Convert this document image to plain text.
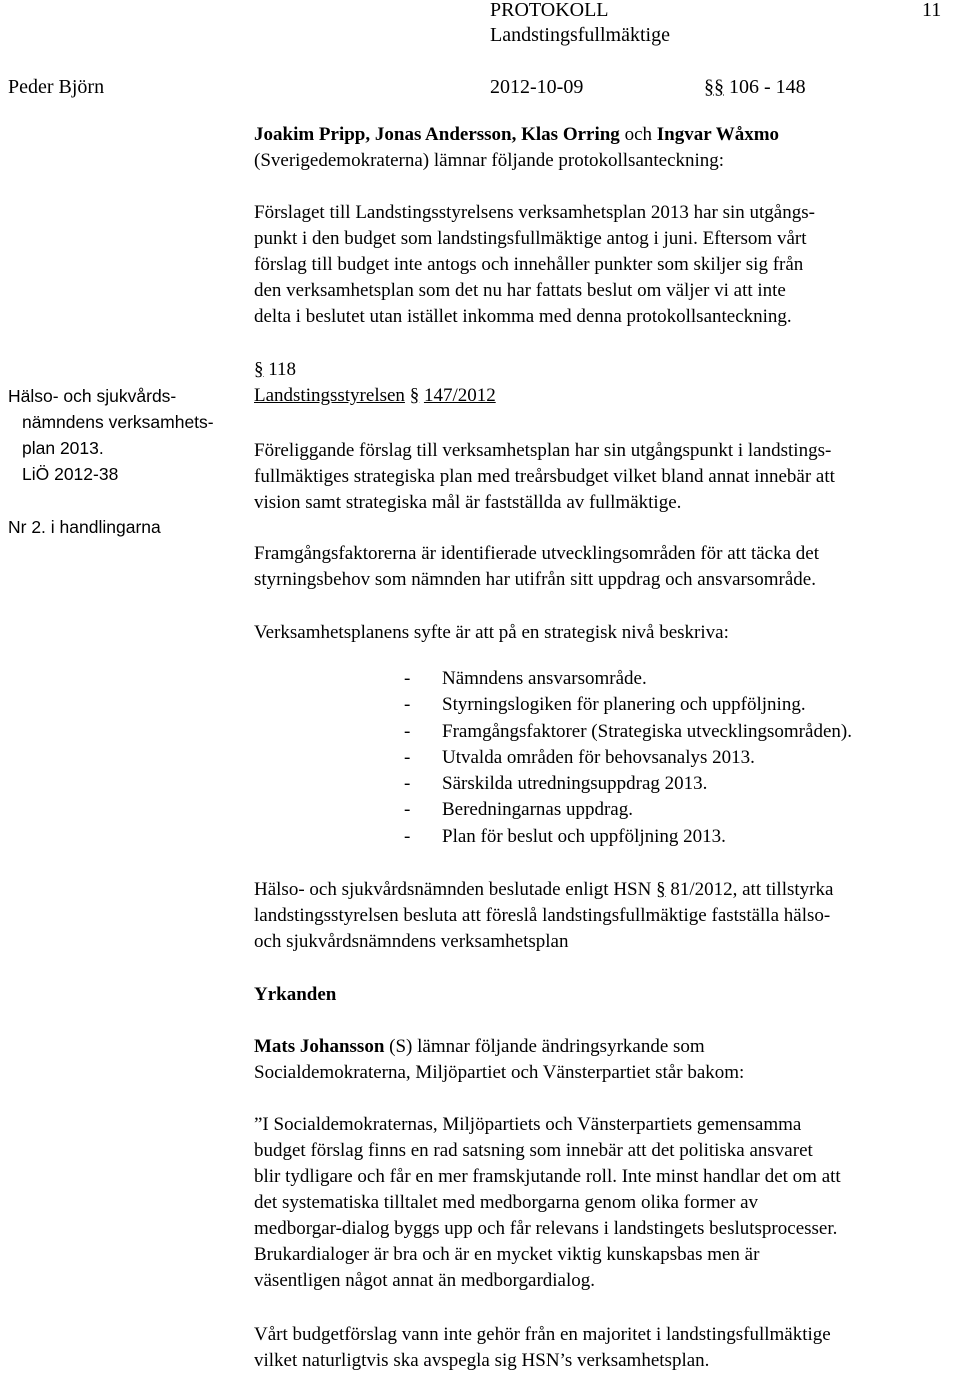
PROTOKOLL	11
Landstingsfullmäktige
Peder Björn	2012-10-09	§§ 106 - 148
Joakim Pripp, Jonas Andersson, Klas Orring och Ingvar Wåxmo
(Sverigedemokraterna) lämnar följande protokollsanteckning:
Förslaget till Landstingsstyrelsens verksamhetsplan 2013 har sin utgångs-
punkt i den budget som landstingsfullmäktige antog i juni. Eftersom vårt
förslag till budget inte antogs och innehåller punkter som skiljer sig från
den verksamhetsplan som det nu har fattats beslut om väljer vi att inte
delta i beslutet utan istället inkomma med denna protokollsanteckning.
Hälso- och sjukvårds-
nämndens verksamhets-
plan 2013.
LiÖ 2012-38
Nr 2. i handlingarna
§ 118
Landstingsstyrelsen § 147/2012
Föreliggande förslag till verksamhetsplan har sin utgångspunkt i landstings-
fullmäktiges strategiska plan med treårsbudget vilket bland annat innebär att
vision samt strategiska mål är fastställda av fullmäktige.
Framgångsfaktorerna är identifierade utvecklingsområden för att täcka det
styrningsbehov som nämnden har utifrån sitt uppdrag och ansvarsområde.
Verksamhetsplanens syfte är att på en strategisk nivå beskriva:
- Nämndens ansvarsområde.
- Styrningslogiken för planering och uppföljning.
- Framgångsfaktorer (Strategiska utvecklingsområden).
- Utvalda områden för behovsanalys 2013.
- Särskilda utredningsuppdrag 2013.
- Beredningarnas uppdrag.
- Plan för beslut och uppföljning 2013.
Hälso- och sjukvårdsnämnden beslutade enligt HSN § 81/2012, att tillstyrka
landstingsstyrelsen besluta att föreslå landstingsfullmäktige fastställa hälso-
och sjukvårdsnämndens verksamhetsplan
Yrkanden
Mats Johansson (S) lämnar följande ändringsyrkande som
Socialdemokraterna, Miljöpartiet och Vänsterpartiet står bakom:
”I Socialdemokraternas, Miljöpartiets och Vänsterpartiets gemensamma
budget förslag finns en rad satsning som innebär att det politiska ansvaret
blir tydligare och får en mer framskjutande roll. Inte minst handlar det om att
det systematiska tilltalet med medborgarna genom olika former av
medborgar-dialog byggs upp och får relevans i landstingets beslutsprocesser.
Brukardialoger är bra och är en mycket viktig kunskapsbas men är
väsentligen något annat än medborgardialog.
Vårt budgetförslag vann inte gehör från en majoritet i landstingsfullmäktige
vilket naturligtvis ska avspegla sig HSN’s verksamhetsplan.
